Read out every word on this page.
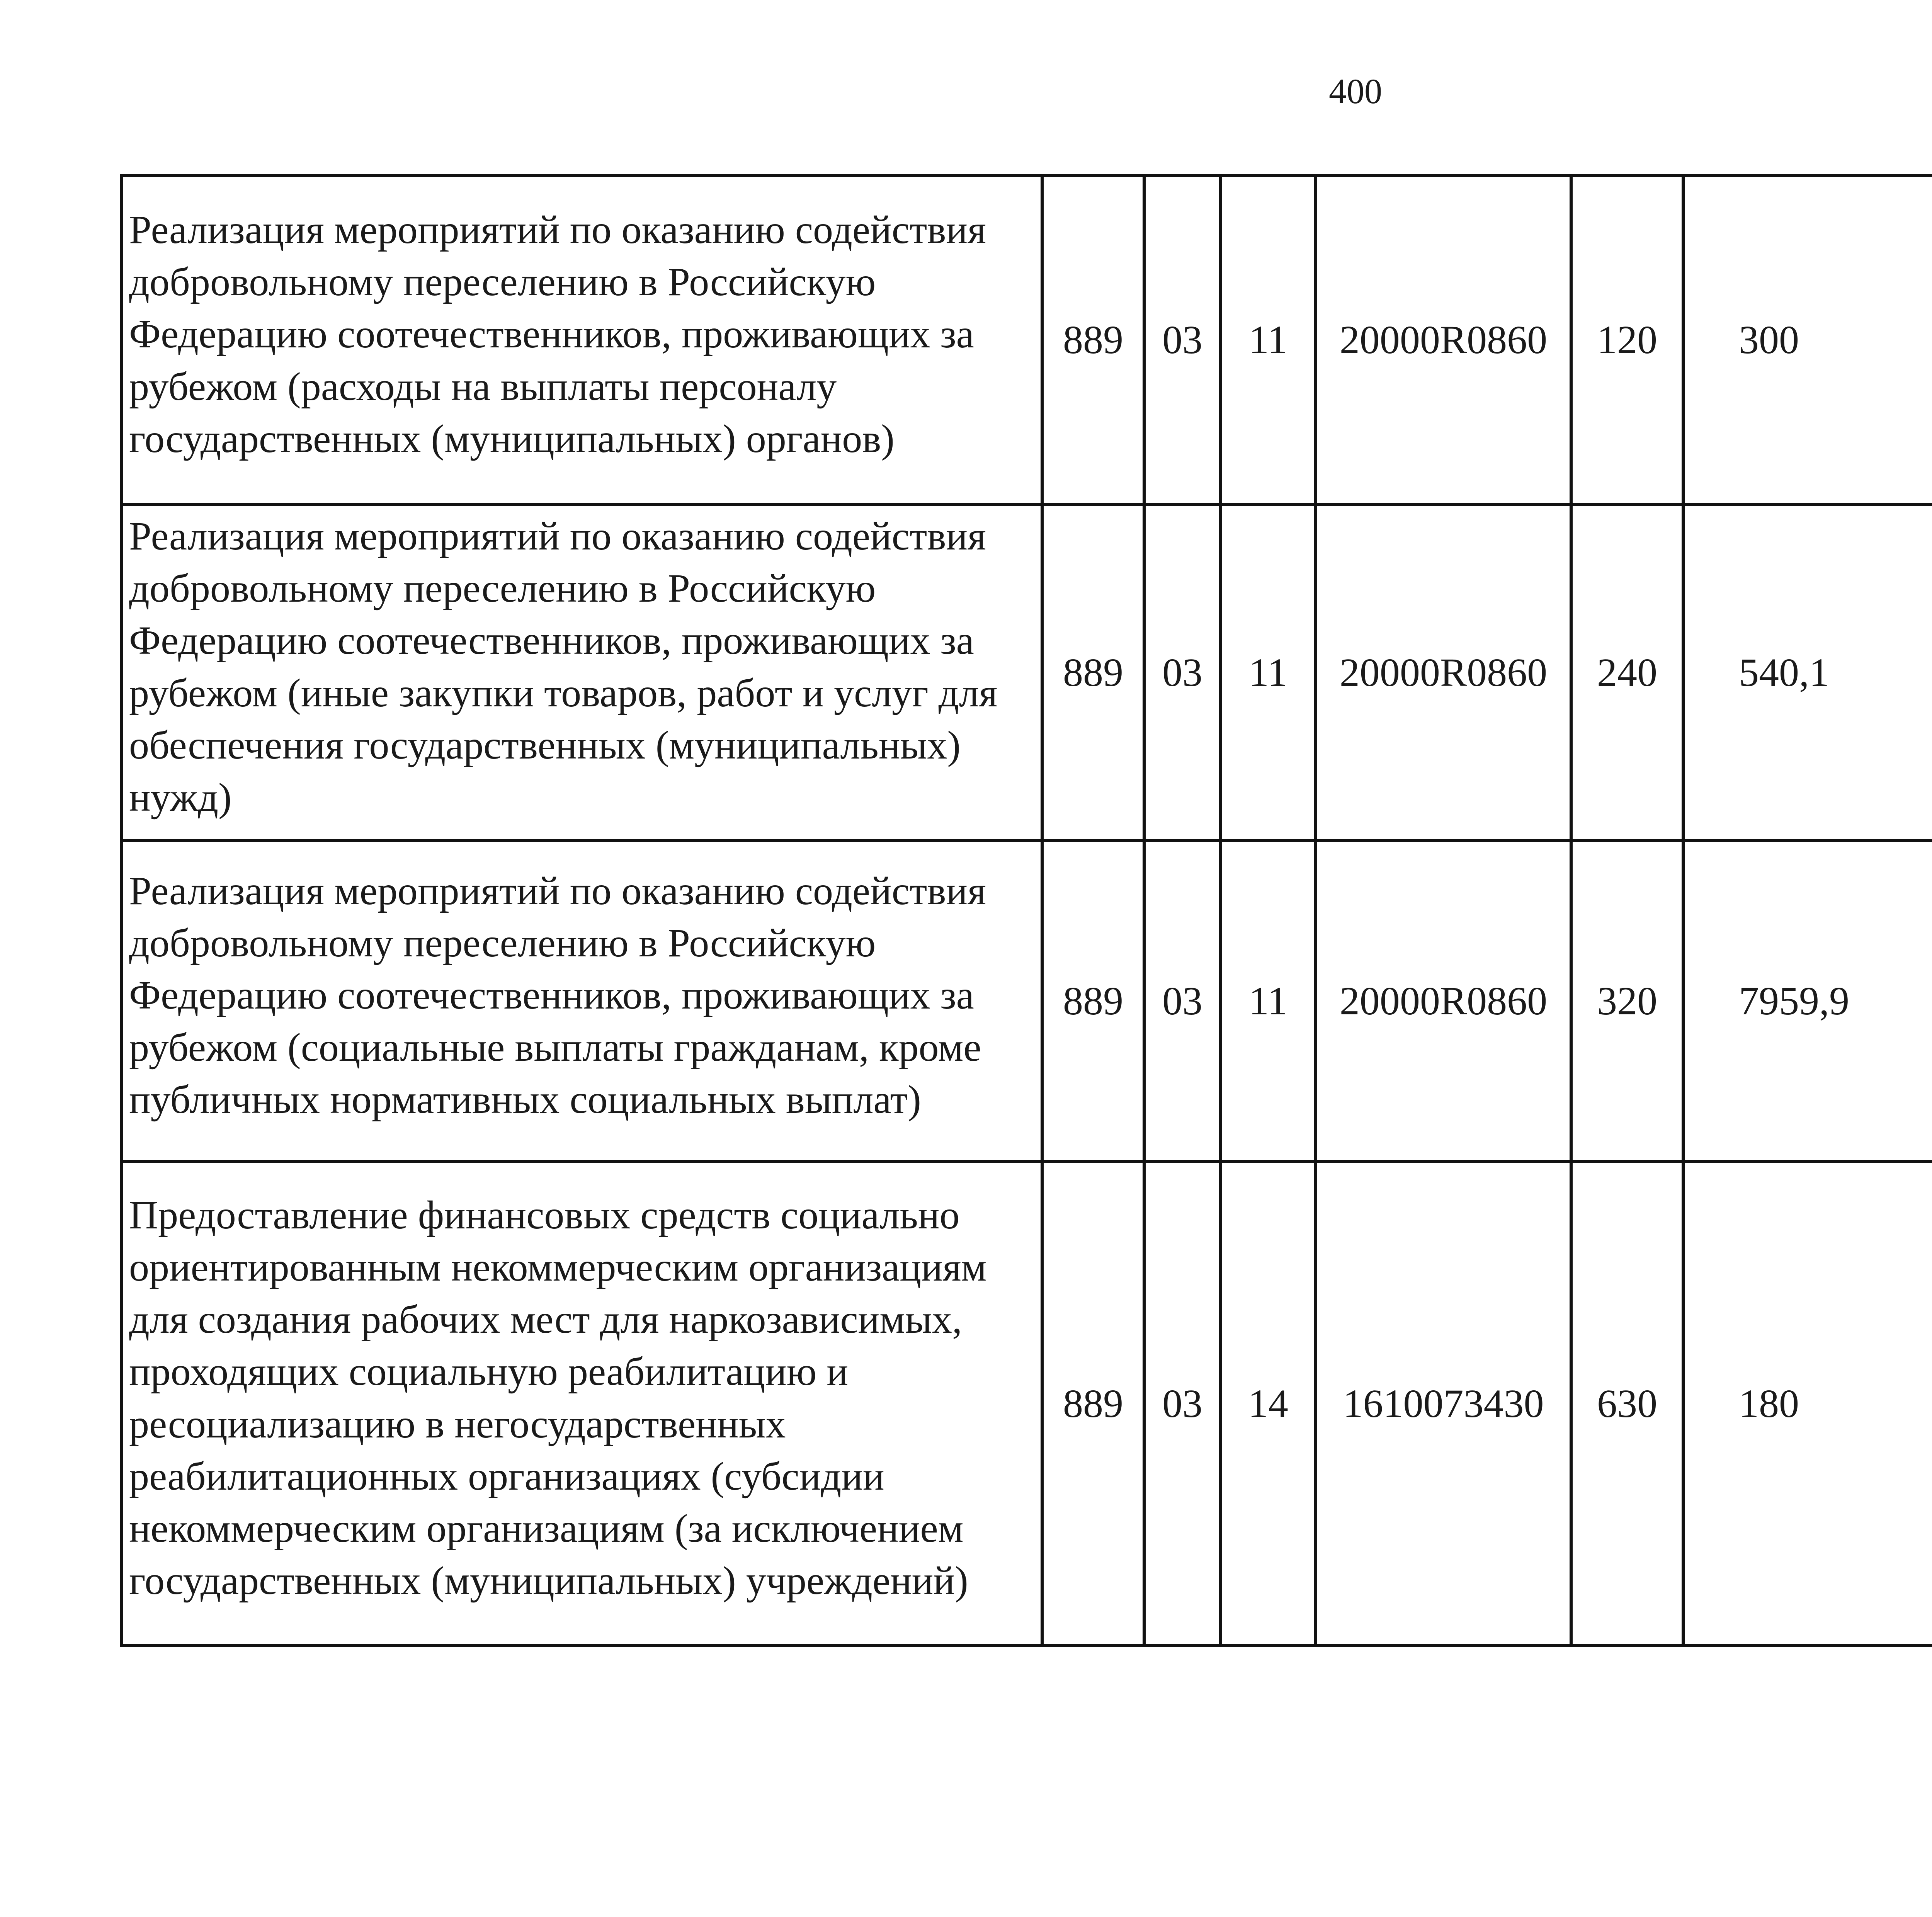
400
Реализация мероприятий по оказанию содействия добровольному переселению в Российскую Федерацию соотечественников, проживающих за рубежом (расходы на выплаты персоналу государственных (муниципальных) органов)	889	03	11	20000R0860	120	300		
Реализация мероприятий по оказанию содействия добровольному переселению в Российскую Федерацию соотечественников, проживающих за рубежом (иные закупки товаров, работ и услуг для обеспечения государственных (муниципальных) нужд)	889	03	11	20000R0860	240	540,1		
Реализация мероприятий по оказанию содействия добровольному переселению в Российскую Федерацию соотечественников, проживающих за рубежом (социальные выплаты гражданам, кроме публичных нормативных социальных выплат)	889	03	11	20000R0860	320	7959,9		
Предоставление финансовых средств социально ориентированным некоммерческим организациям для создания рабочих мест для наркозависимых, проходящих социальную реабилитацию и ресоциализацию в негосударственных реабилитационных организациях (субсидии некоммерческим организациям (за исключением государственных (муниципальных) учреждений)	889	03	14	1610073430	630	180		
